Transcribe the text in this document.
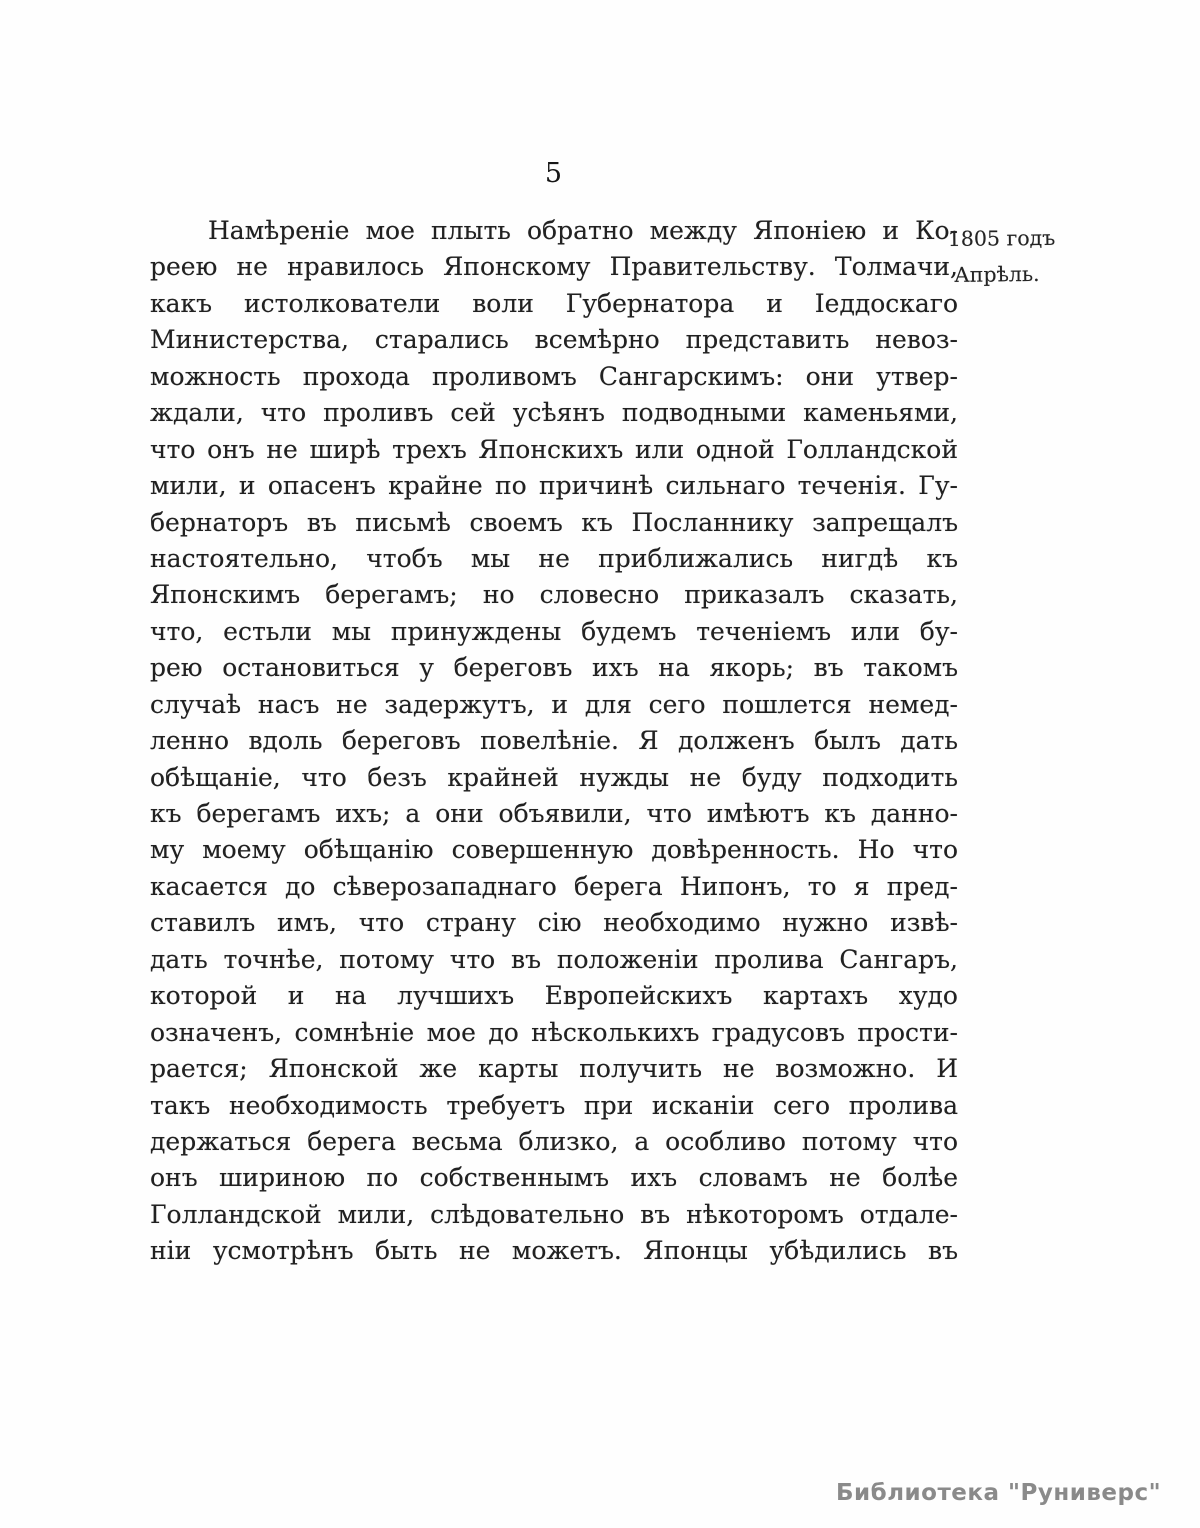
5
Намѣреніе мое плыть обратно между Японіею и Ко-
реею не нравилось Японскому Правительству. Толмачи,
какъ истолкователи воли Губернатора и Іеддоскаго
Министерства, старались всемѣрно представить невоз-
можность прохода проливомъ Сангарскимъ: они утвер-
ждали, что проливъ сей усѣянъ подводными каменьями,
что онъ не ширѣ трехъ Японскихъ или одной Голландской
мили, и опасенъ крайне по причинѣ сильнаго теченія. Гу-
бернаторъ въ письмѣ своемъ къ Посланнику запрещалъ
настоятельно, чтобъ мы не приближались нигдѣ къ
Японскимъ берегамъ; но словесно приказалъ сказать,
что, естьли мы принуждены будемъ теченіемъ или бу-
рею остановиться у береговъ ихъ на якорь; въ такомъ
случаѣ насъ не задержутъ, и для сего пошлется немед-
ленно вдоль береговъ повелѣніе. Я долженъ былъ дать
обѣщаніе, что безъ крайней нужды не буду подходить
къ берегамъ ихъ; а они объявили, что имѣютъ къ данно-
му моему обѣщанію совершенную довѣренность. Но что
касается до сѣверозападнаго берега Нипонъ, то я пред-
ставилъ имъ, что страну сію необходимо нужно извѣ-
дать точнѣе, потому что въ положеніи пролива Сангаръ,
которой и на лучшихъ Европейскихъ картахъ худо
означенъ, сомнѣніе мое до нѣсколькихъ градусовъ прости-
рается; Японской же карты получить не возможно. И
такъ необходимость требуетъ при исканіи сего пролива
держаться берега весьма близко, а особливо потому что
онъ шириною по собственнымъ ихъ словамъ не болѣе
Голландской мили, слѣдовательно въ нѣкоторомъ отдале-
ніи усмотрѣнъ быть не можетъ. Японцы убѣдились въ
1805 годъ
Апрѣль.
Библиотека "Руниверс"
